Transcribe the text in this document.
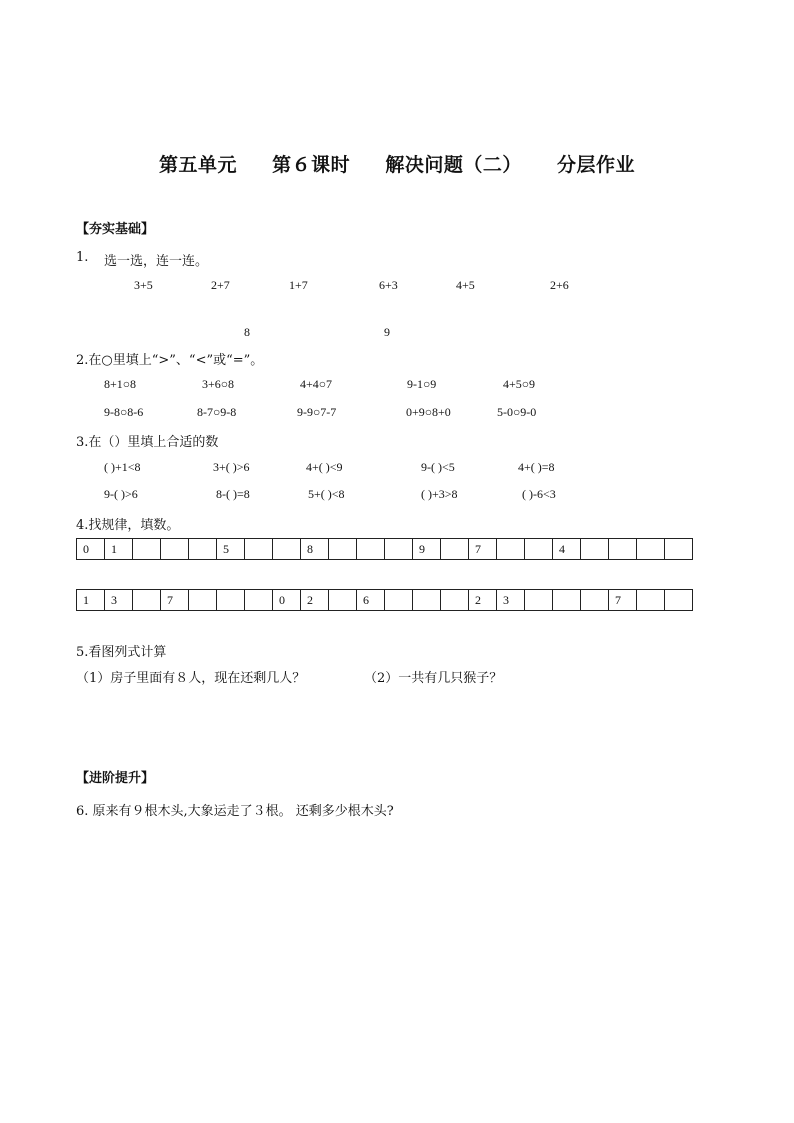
第五单元 第６课时 解决问题（二） 分层作业
【夯实基础】
1. 选一选，连一连。
3+5	2+7	1+7	6+3	4+5	2+6
8	9
2.在○里填上“>”、“<”或“=”。
8+1○8	3+6○8	4+4○7	9-1○9	4+5○9
9-8○8-6	8-7○9-8	9-9○7-7	0+9○8+0	5-0○9-0
3.在（）里填上合适的数
( )+1<8	3+( )>6	4+( )<9	9-( )<5	4+( )=8
9-( )>6	8-( )=8	5+( )<8	( )+3>8	( )-6<3
4.找规律，填数。
0	1				5			8				9		7			4				
1	3		7				0	2		6				2	3				7		
5.看图列式计算
（1）房子里面有８人，现在还剩几人？	（2）一共有几只猴子？
【进阶提升】
6. 原来有９根木头,大象运走了３根。 还剩多少根木头?
